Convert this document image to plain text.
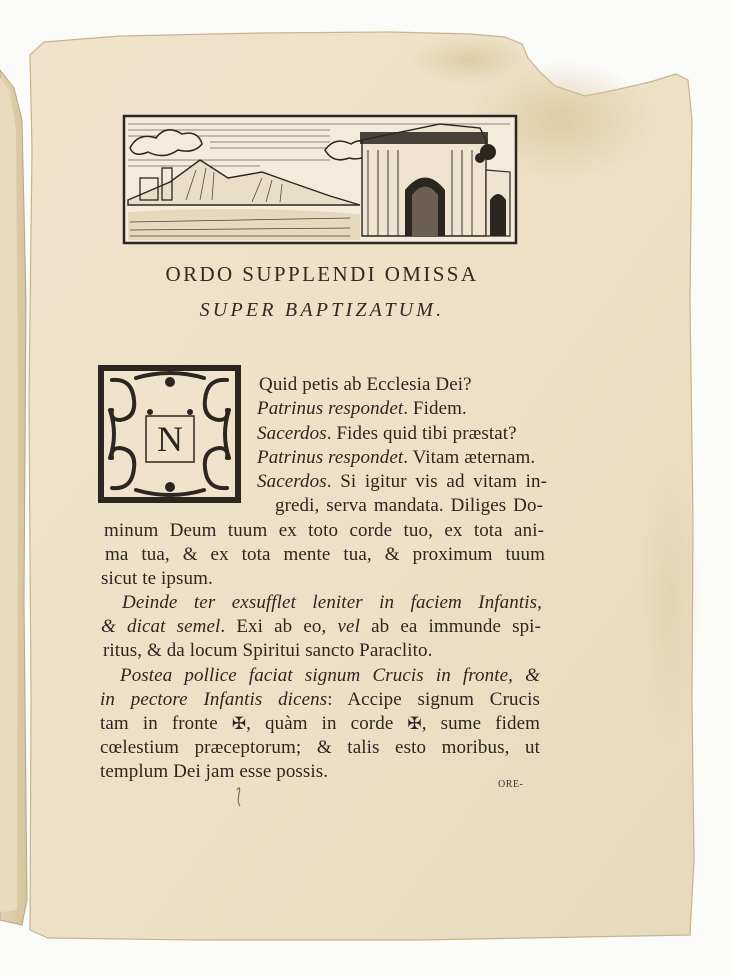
N
ORDO SUPPLENDI OMISSA
SUPER BAPTIZATUM.
Quid petis ab Ecclesia Dei?
Patrinus respondet. Fidem.
Sacerdos. Fides quid tibi præstat?
Patrinus respondet. Vitam æternam.
Sacerdos. Si igitur vis ad vitam in-
gredi, serva mandata. Diliges Do-
minum Deum tuum ex toto corde tuo, ex tota ani-
ma tua, & ex tota mente tua, & proximum tuum
sicut te ipsum.
Deinde ter exsufflet leniter in faciem Infantis,
& dicat semel. Exi ab eo, vel ab ea immunde spi-
ritus, & da locum Spiritui sancto Paraclito.
Postea pollice faciat signum Crucis in fronte, &
in pectore Infantis dicens: Accipe signum Crucis
tam in fronte ✠, quàm in corde ✠, sume fidem
cœlestium præceptorum; & talis esto moribus, ut
templum Dei jam esse possis.
ORE-
